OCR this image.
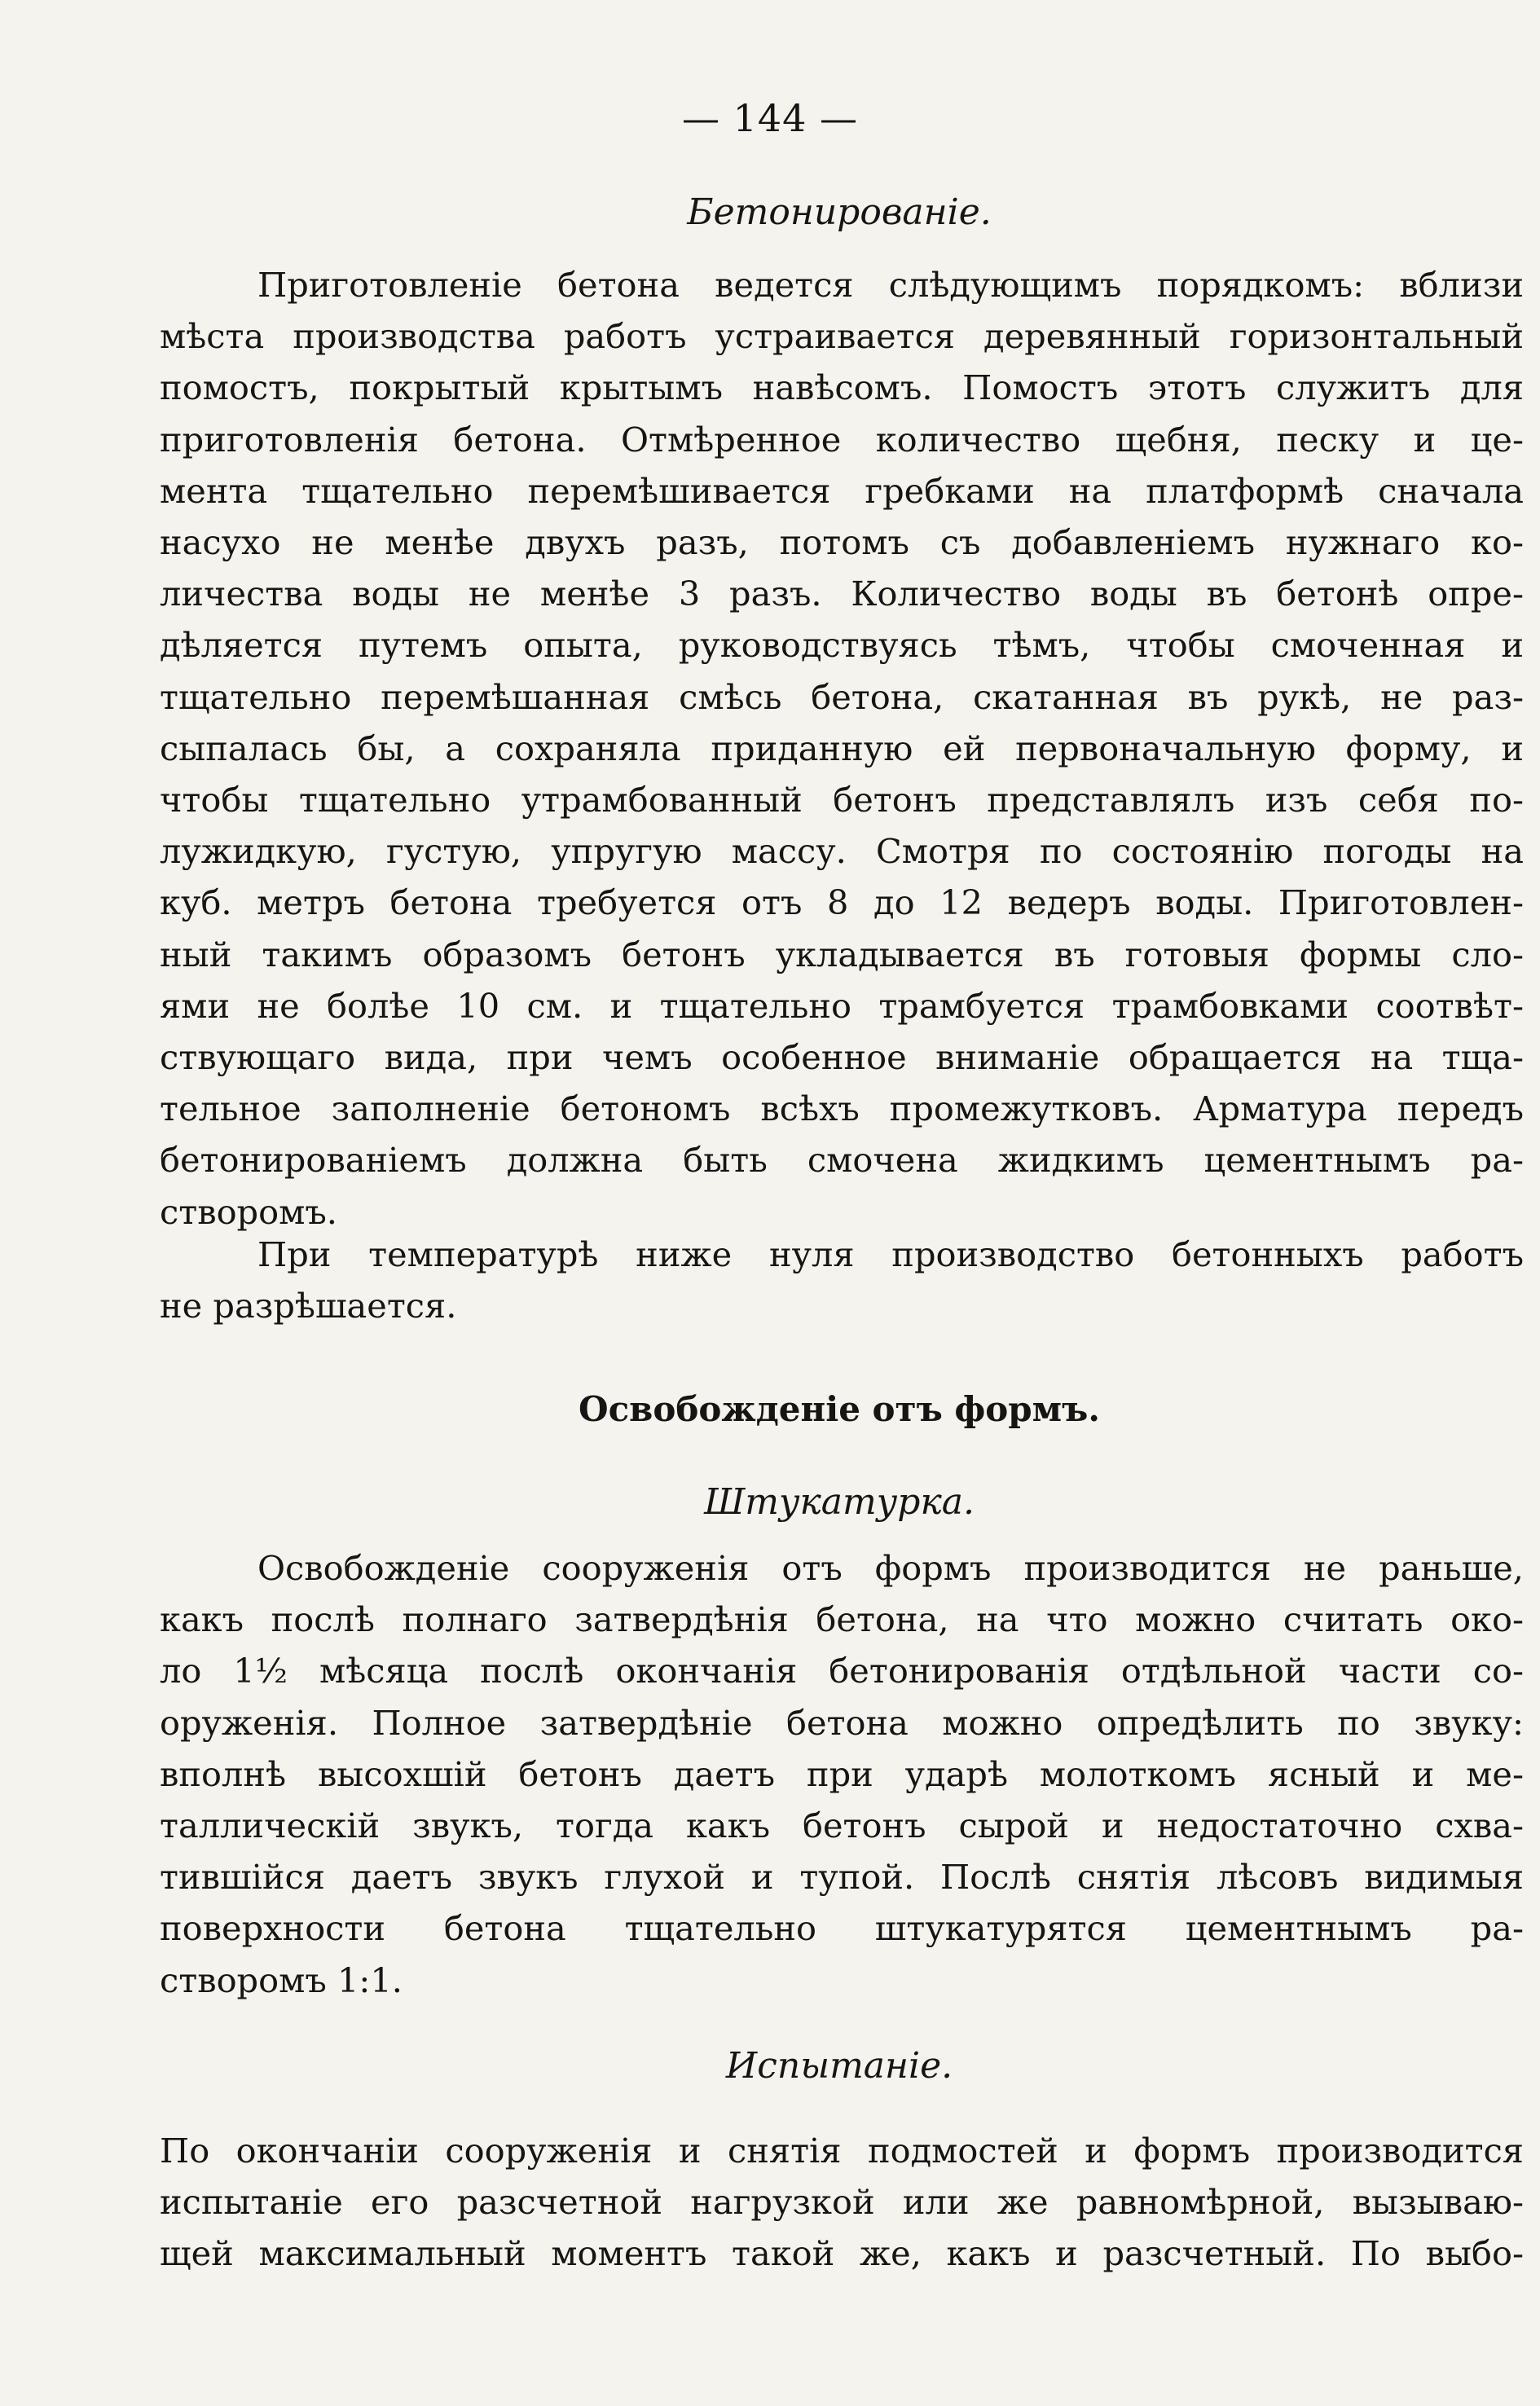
— 144 —
Бетонированіе.
Приготовленіе бетона ведется слѣдующимъ порядкомъ: вблизи
мѣста производства работъ устраивается деревянный горизонтальный
помостъ, покрытый крытымъ навѣсомъ. Помостъ этотъ служитъ для
приготовленія бетона. Отмѣренное количество щебня, песку и це-
мента тщательно перемѣшивается гребками на платформѣ сначала
насухо не менѣе двухъ разъ, потомъ съ добавленіемъ нужнаго ко-
личества воды не менѣе 3 разъ. Количество воды въ бетонѣ опре-
дѣляется путемъ опыта, руководствуясь тѣмъ, чтобы смоченная и
тщательно перемѣшанная смѣсь бетона, скатанная въ рукѣ, не раз-
сыпалась бы, а сохраняла приданную ей первоначальную форму, и
чтобы тщательно утрамбованный бетонъ представлялъ изъ себя по-
лужидкую, густую, упругую массу. Смотря по состоянію погоды на
куб. метръ бетона требуется отъ 8 до 12 ведеръ воды. Приготовлен-
ный такимъ образомъ бетонъ укладывается въ готовыя формы сло-
ями не болѣе 10 см. и тщательно трамбуется трамбовками соотвѣт-
ствующаго вида, при чемъ особенное вниманіе обращается на тща-
тельное заполненіе бетономъ всѣхъ промежутковъ. Арматура передъ
бетонированіемъ должна быть смочена жидкимъ цементнымъ ра-
створомъ.
При температурѣ ниже нуля производство бетонныхъ работъ
не разрѣшается.
Освобожденіе отъ формъ.
Штукатурка.
Освобожденіе сооруженія отъ формъ производится не раньше,
какъ послѣ полнаго затвердѣнія бетона, на что можно считать око-
ло 1½ мѣсяца послѣ окончанія бетонированія отдѣльной части со-
оруженія. Полное затвердѣніе бетона можно опредѣлить по звуку:
вполнѣ высохшій бетонъ даетъ при ударѣ молоткомъ ясный и ме-
таллическій звукъ, тогда какъ бетонъ сырой и недостаточно схва-
тившійся даетъ звукъ глухой и тупой. Послѣ снятія лѣсовъ видимыя
поверхности бетона тщательно штукатурятся цементнымъ ра-
створомъ 1:1.
Испытаніе.
По окончаніи сооруженія и снятія подмостей и формъ производится
испытаніе его разсчетной нагрузкой или же равномѣрной, вызываю-
щей максимальный моментъ такой же, какъ и разсчетный. По выбо-
